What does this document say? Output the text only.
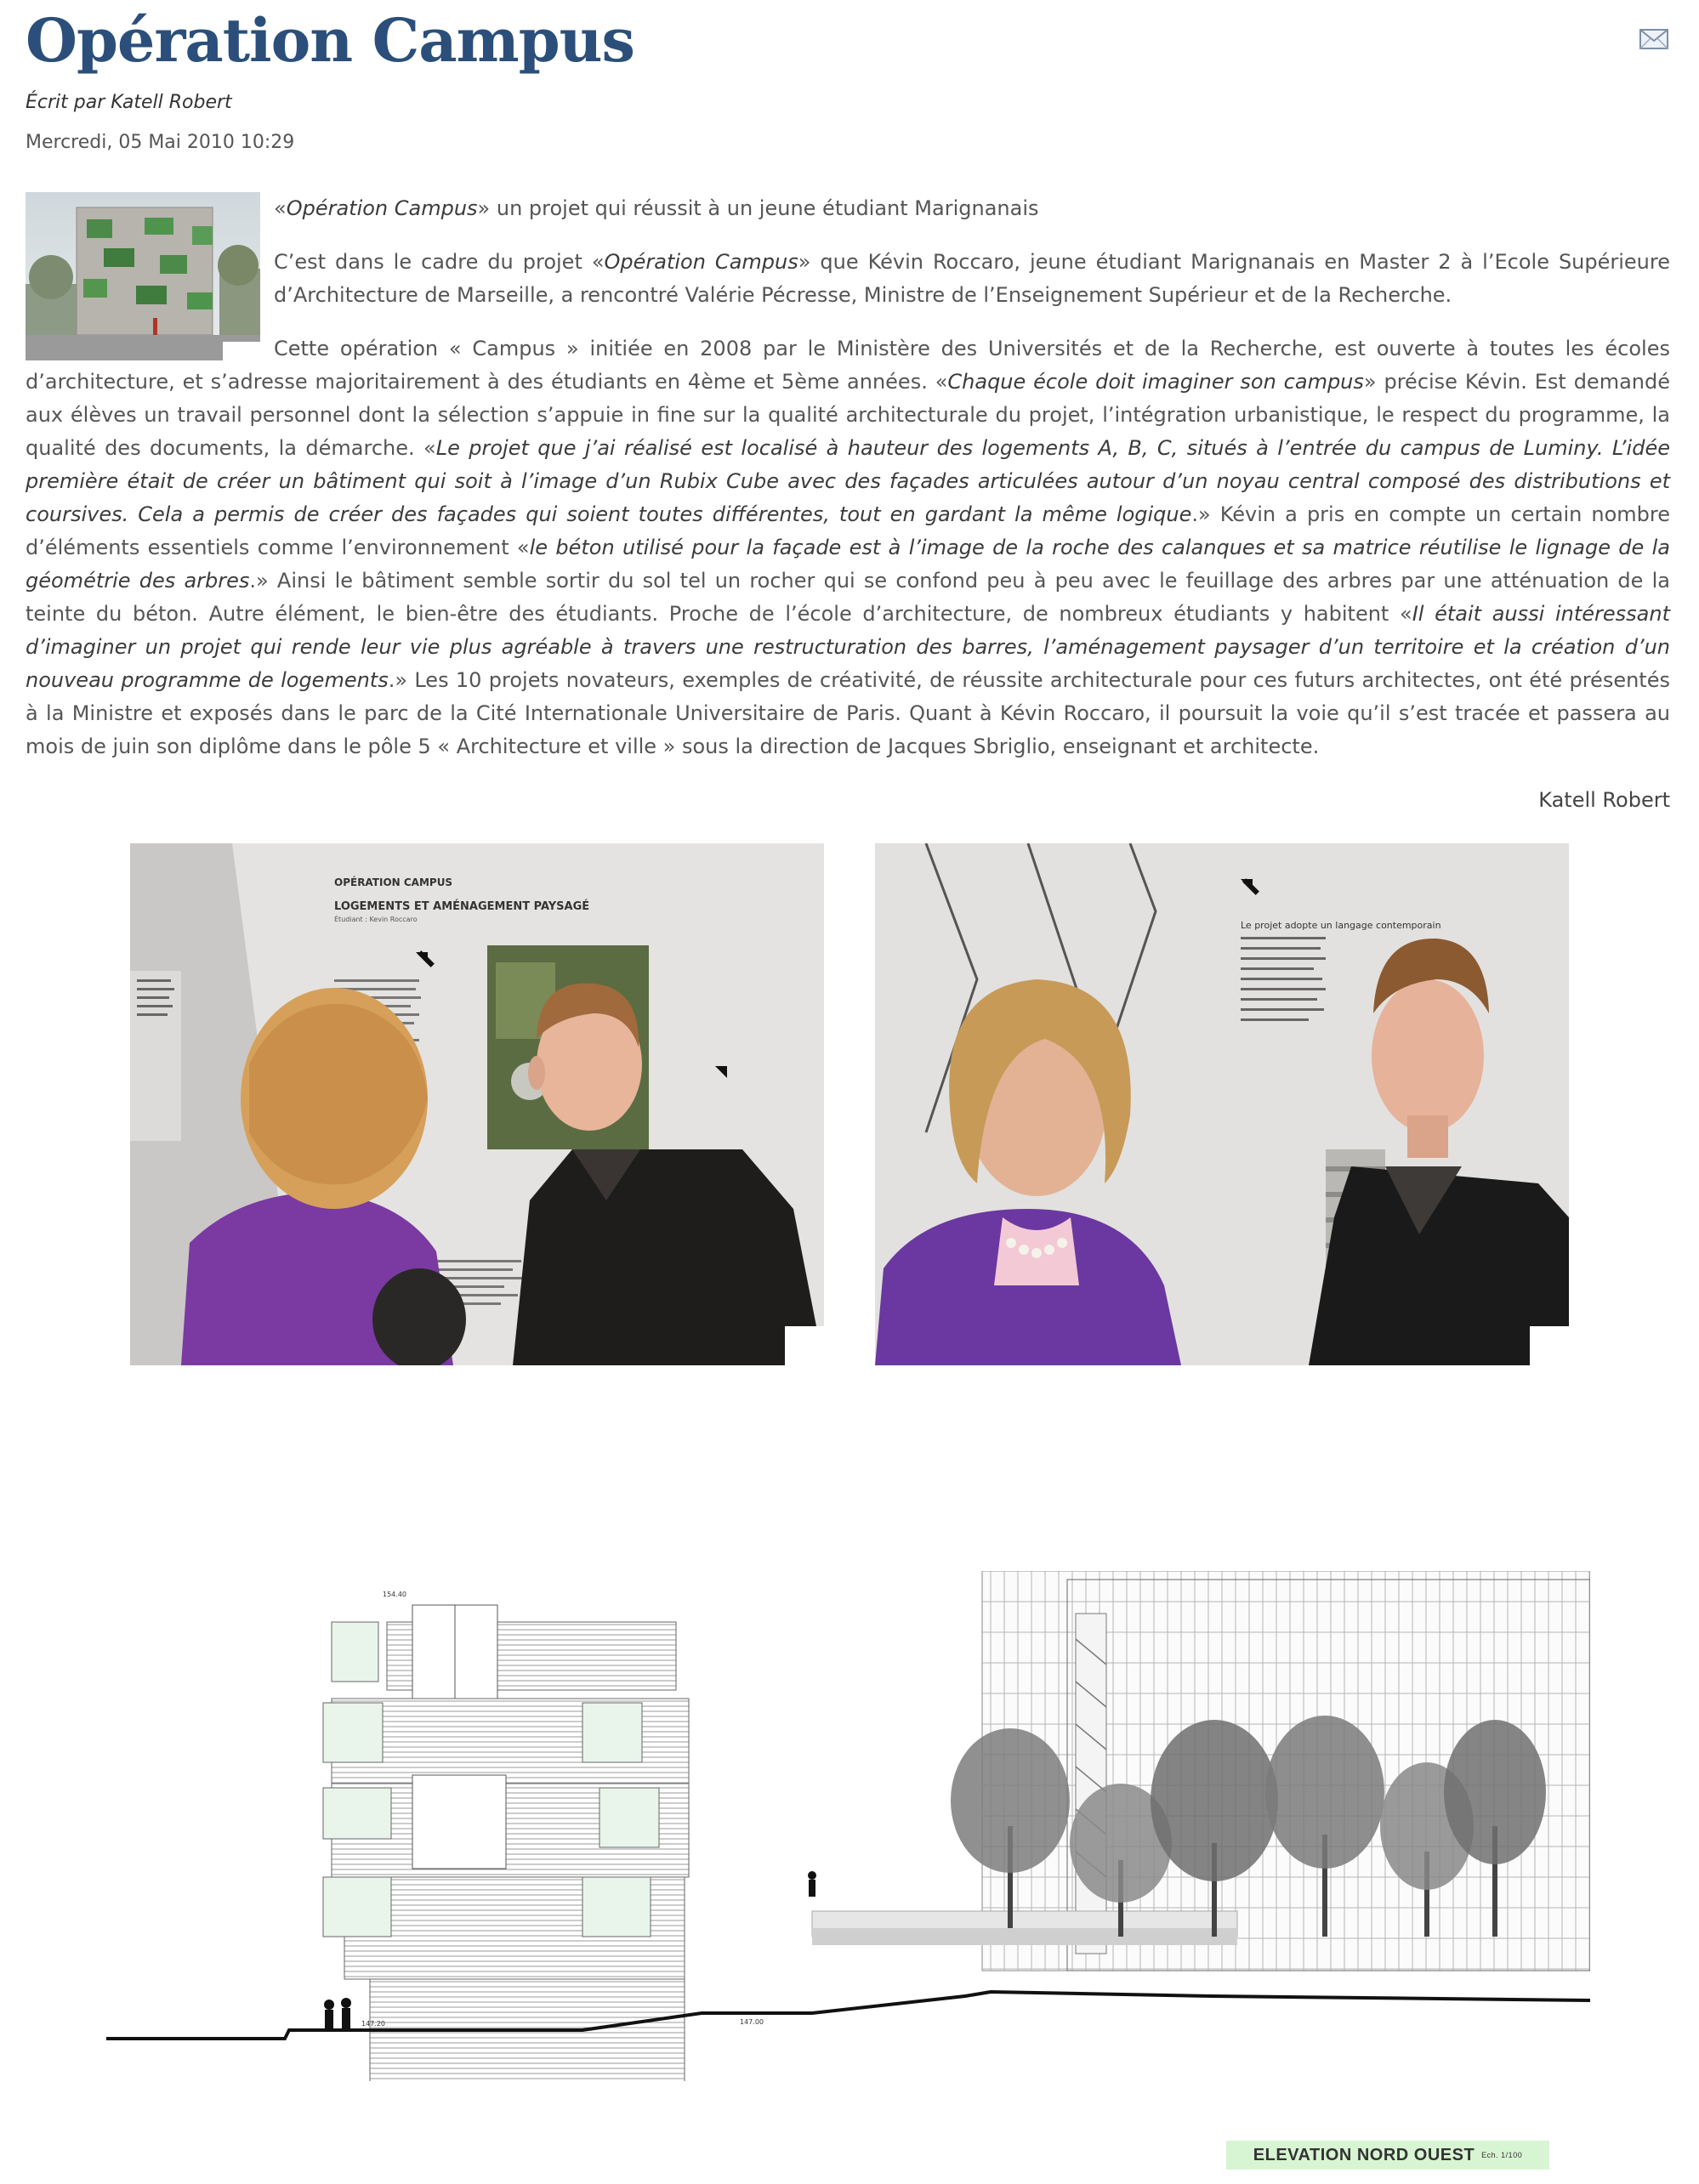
Opération Campus
Écrit par Katell Robert
Mercredi, 05 Mai 2010 10:29

«Opération Campus» un projet qui réussit à un jeune étudiant Marignanais

C’est dans le cadre du projet «Opération Campus» que Kévin Roccaro, jeune étudiant Marignanais en Master 2 à l’Ecole Supérieure d’Architecture de Marseille, a rencontré Valérie Pécresse, Ministre de l’Enseignement Supérieur et de la Recherche.

Cette opération « Campus » initiée en 2008 par le Ministère des Universités et de la Recherche, est ouverte à toutes les écoles d’architecture, et s’adresse majoritairement à des étudiants en 4ème et 5ème années. «Chaque école doit imaginer son campus» précise Kévin. Est demandé aux élèves un travail personnel dont la sélection s’appuie in fine sur la qualité architecturale du projet, l’intégration urbanistique, le respect du programme, la qualité des documents, la démarche. «Le projet que j’ai réalisé est localisé à hauteur des logements A, B, C, situés à l’entrée du campus de Luminy. L’idée première était de créer un bâtiment qui soit à l’image d’un Rubix Cube avec des façades articulées autour d’un noyau central composé des distributions et coursives. Cela a permis de créer des façades qui soient toutes différentes, tout en gardant la même logique.» Kévin a pris en compte un certain nombre d’éléments essentiels comme l’environnement «le béton utilisé pour la façade est à l’image de la roche des calanques et sa matrice réutilise le lignage de la géométrie des arbres.» Ainsi le bâtiment semble sortir du sol tel un rocher qui se confond peu à peu avec le feuillage des arbres par une atténuation de la teinte du béton. Autre élément, le bien-être des étudiants. Proche de l’école d’architecture, de nombreux étudiants y habitent «Il était aussi intéressant d’imaginer un projet qui rende leur vie plus agréable à travers une restructuration des barres, l’aménagement paysager d’un territoire et la création d’un nouveau programme de logements.» Les 10 projets novateurs, exemples de créativité, de réussite architecturale pour ces futurs architectes, ont été présentés à la Ministre et exposés dans le parc de la Cité Internationale Universitaire de Paris. Quant à Kévin Roccaro, il poursuit la voie qu’il s’est tracée et passera au mois de juin son diplôme dans le pôle 5 « Architecture et ville » sous la direction de Jacques Sbriglio, enseignant et architecte.

Katell Robert
OPÉRATION CAMPUS
LOGEMENTS ET AMÉNAGEMENT PAYSAGÉ
Étudiant : Kevin Roccaro
Le projet adopte un langage contemporain
154.40
147.20	147.00
ELEVATION NORD OUEST Ech. 1/100
